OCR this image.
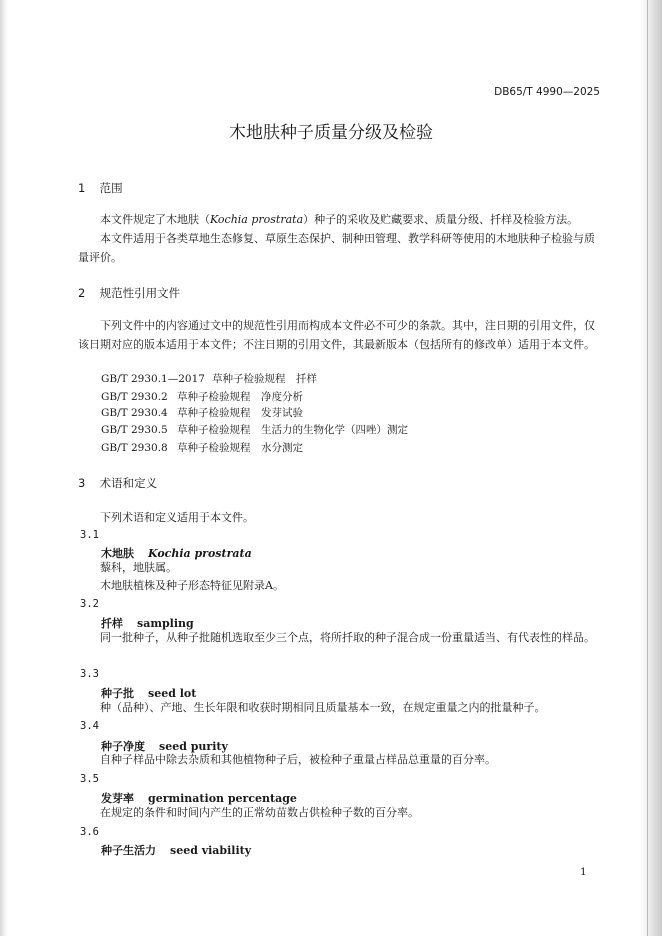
DB65/T 4990—2025
木地肤种子质量分级及检验
1 范围
本文件规定了木地肤（Kochia prostrata）种子的采收及贮藏要求、质量分级、扦样及检验方法。
本文件适用于各类草地生态修复、草原生态保护、制种田管理、教学科研等使用的木地肤种子检验与质量评价。
2 规范性引用文件
下列文件中的内容通过文中的规范性引用而构成本文件必不可少的条款。其中，注日期的引用文件，仅该日期对应的版本适用于本文件；不注日期的引用文件，其最新版本（包括所有的修改单）适用于本文件。
GB/T 2930.1—2017 草种子检验规程　扦样
GB/T 2930.2 草种子检验规程　净度分析
GB/T 2930.4 草种子检验规程　发芽试验
GB/T 2930.5 草种子检验规程　生活力的生物化学（四唑）测定
GB/T 2930.8 草种子检验规程　水分测定
3 术语和定义
下列术语和定义适用于本文件。
3.1
木地肤 Kochia prostrata
藜科，地肤属。
木地肤植株及种子形态特征见附录A。
3.2
扦样 sampling
同一批种子，从种子批随机选取至少三个点，将所扦取的种子混合成一份重量适当、有代表性的样品。
3.3
种子批 seed lot
种（品种）、产地、生长年限和收获时期相同且质量基本一致，在规定重量之内的批量种子。
3.4
种子净度 seed purity
自种子样品中除去杂质和其他植物种子后，被检种子重量占样品总重量的百分率。
3.5
发芽率 germination percentage
在规定的条件和时间内产生的正常幼苗数占供检种子数的百分率。
3.6
种子生活力 seed viability
1
